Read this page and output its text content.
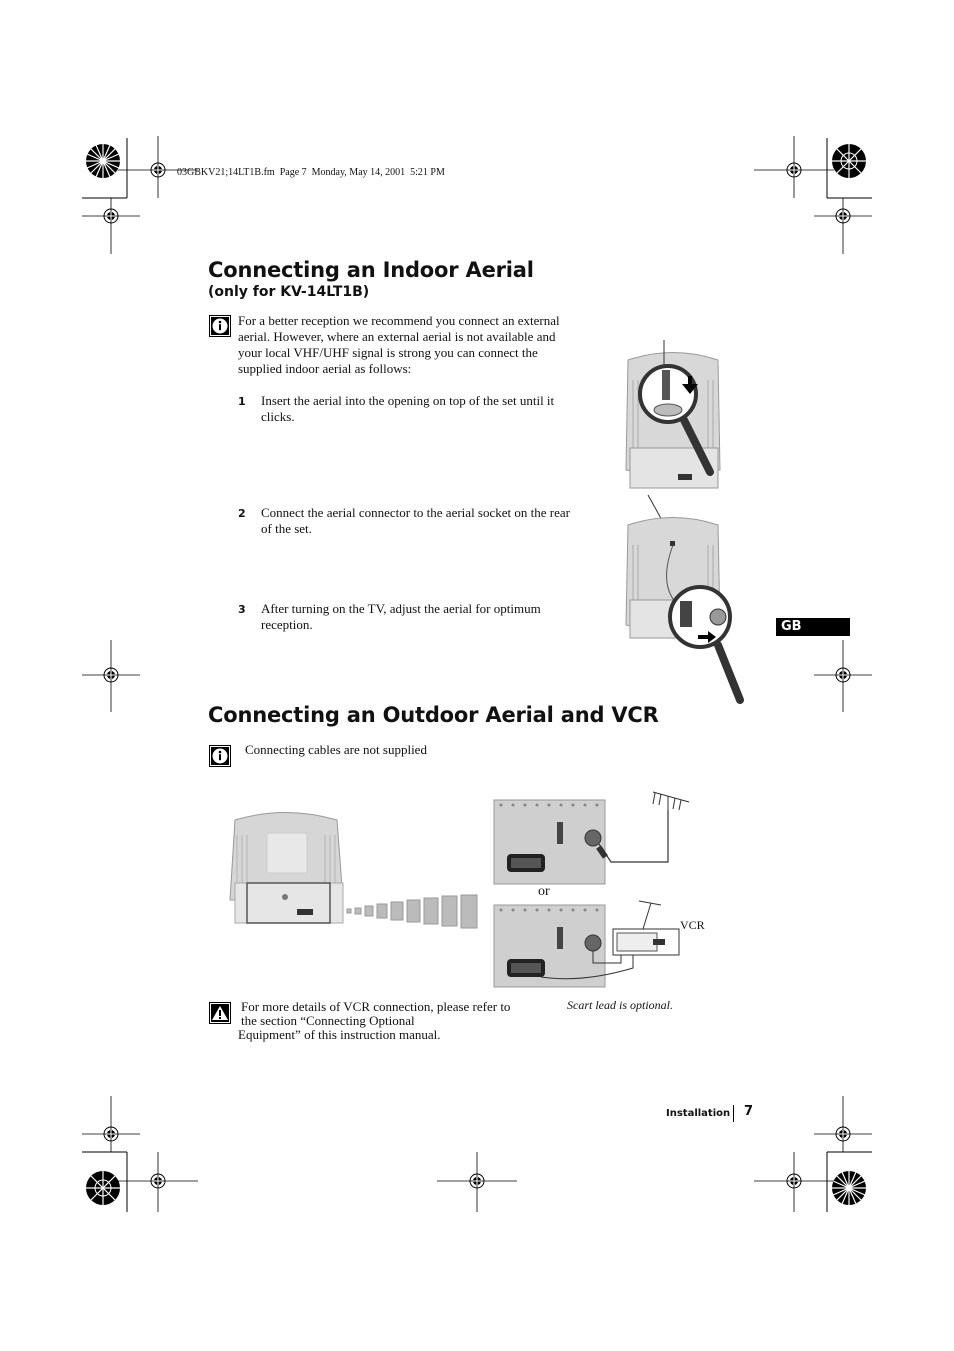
03GBKV21;14LT1B.fm  Page 7  Monday, May 14, 2001  5:21 PM
Connecting an Indoor Aerial
(only for KV-14LT1B)
For a better reception we recommend you connect an external
aerial. However, where an external aerial is not available and
your local VHF/UHF signal is strong you can connect the
supplied indoor aerial as follows:
1 Insert the aerial into the opening on top of the set until it
clicks.
2 Connect the aerial connector to the aerial socket on the rear
of the set.
3 After turning on the TV, adjust the aerial for optimum
reception.	GB
Connecting an Outdoor Aerial and VCR
Connecting cables are not supplied
or
VCR
Scart lead is optional.
For more details of VCR connection, please refer to
the section “Connecting Optional
Equipment” of this instruction manual.
Installation 7
